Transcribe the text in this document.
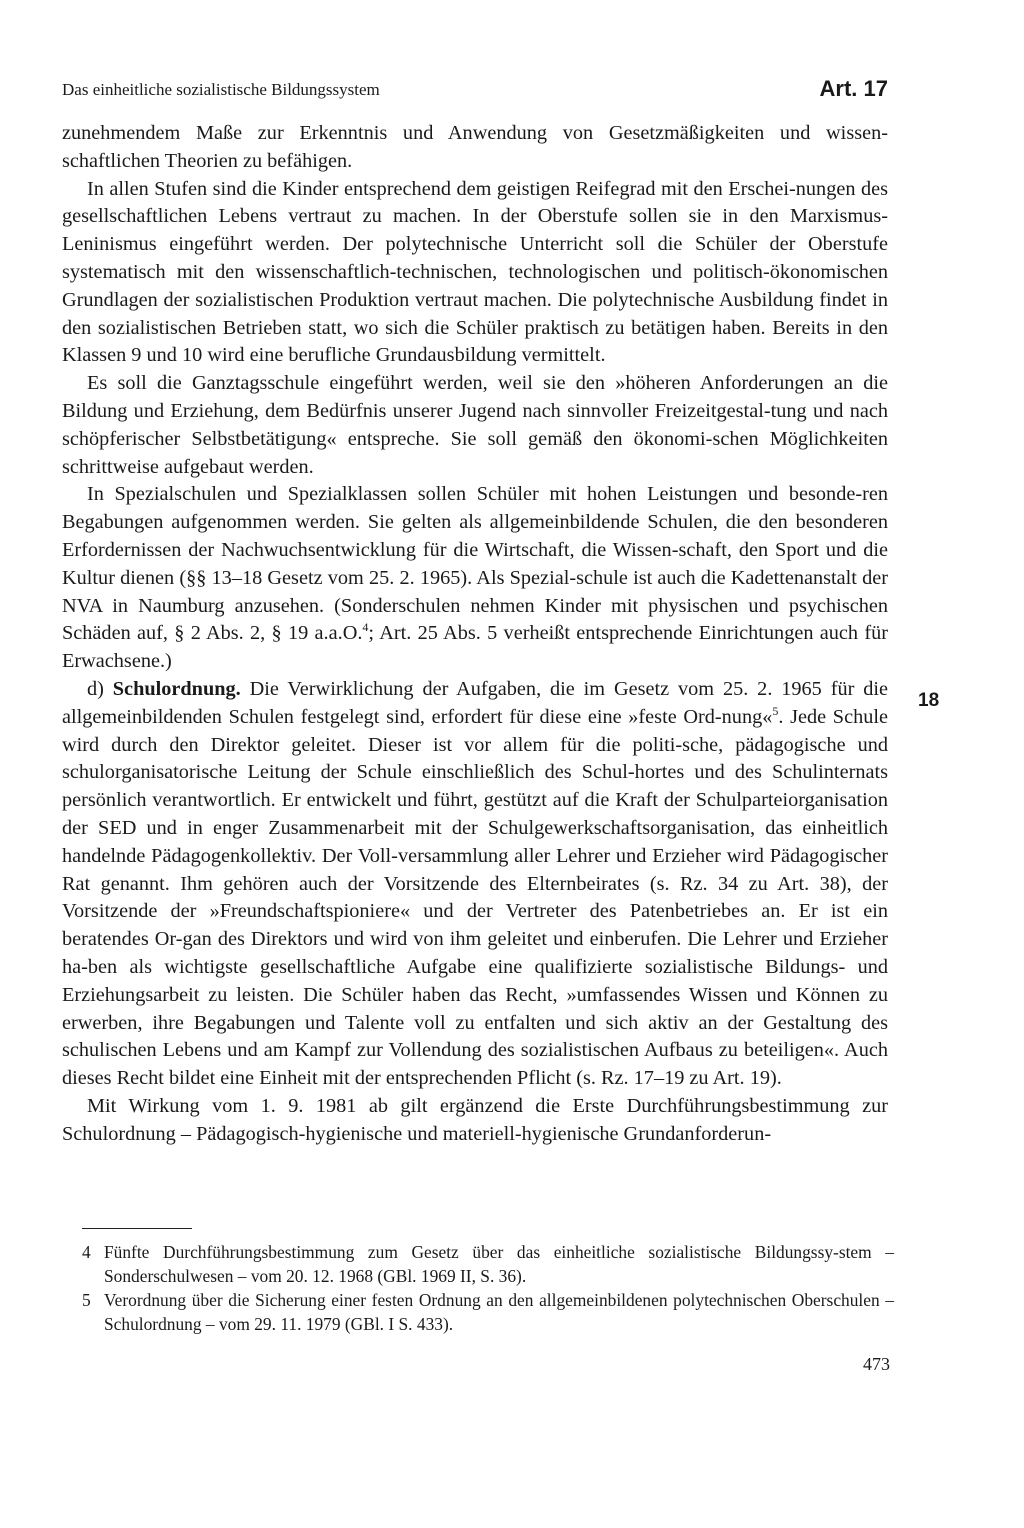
Das einheitliche sozialistische Bildungssystem	Art. 17

zunehmendem Maße zur Erkenntnis und Anwendung von Gesetzmäßigkeiten und wissen-schaftlichen Theorien zu befähigen.

In allen Stufen sind die Kinder entsprechend dem geistigen Reifegrad mit den Erschei-nungen des gesellschaftlichen Lebens vertraut zu machen. In der Oberstufe sollen sie in den Marxismus-Leninismus eingeführt werden. Der polytechnische Unterricht soll die Schüler der Oberstufe systematisch mit den wissenschaftlich-technischen, technologischen und politisch-ökonomischen Grundlagen der sozialistischen Produktion vertraut machen. Die polytechnische Ausbildung findet in den sozialistischen Betrieben statt, wo sich die Schüler praktisch zu betätigen haben. Bereits in den Klassen 9 und 10 wird eine berufliche Grundausbildung vermittelt.

Es soll die Ganztagsschule eingeführt werden, weil sie den »höheren Anforderungen an die Bildung und Erziehung, dem Bedürfnis unserer Jugend nach sinnvoller Freizeitgestal-tung und nach schöpferischer Selbstbetätigung« entspreche. Sie soll gemäß den ökonomi-schen Möglichkeiten schrittweise aufgebaut werden.

In Spezialschulen und Spezialklassen sollen Schüler mit hohen Leistungen und besonde-ren Begabungen aufgenommen werden. Sie gelten als allgemeinbildende Schulen, die den besonderen Erfordernissen der Nachwuchsentwicklung für die Wirtschaft, die Wissen-schaft, den Sport und die Kultur dienen (§§ 13–18 Gesetz vom 25. 2. 1965). Als Spezial-schule ist auch die Kadettenanstalt der NVA in Naumburg anzusehen. (Sonderschulen nehmen Kinder mit physischen und psychischen Schäden auf, § 2 Abs. 2, § 19 a.a.O.$^4$; Art. 25 Abs. 5 verheißt entsprechende Einrichtungen auch für Erwachsene.)

d) Schulordnung. Die Verwirklichung der Aufgaben, die im Gesetz vom 25. 2. 1965 für die allgemeinbildenden Schulen festgelegt sind, erfordert für diese eine »feste Ord-nung«$^5$. Jede Schule wird durch den Direktor geleitet. Dieser ist vor allem für die politi-sche, pädagogische und schulorganisatorische Leitung der Schule einschließlich des Schul-hortes und des Schulinternats persönlich verantwortlich. Er entwickelt und führt, gestützt auf die Kraft der Schulparteiorganisation der SED und in enger Zusammenarbeit mit der Schulgewerkschaftsorganisation, das einheitlich handelnde Pädagogenkollektiv. Der Voll-versammlung aller Lehrer und Erzieher wird Pädagogischer Rat genannt. Ihm gehören auch der Vorsitzende des Elternbeirates (s. Rz. 34 zu Art. 38), der Vorsitzende der »Freundschaftspioniere« und der Vertreter des Patenbetriebes an. Er ist ein beratendes Or-gan des Direktors und wird von ihm geleitet und einberufen. Die Lehrer und Erzieher ha-ben als wichtigste gesellschaftliche Aufgabe eine qualifizierte sozialistische Bildungs- und Erziehungsarbeit zu leisten. Die Schüler haben das Recht, »umfassendes Wissen und Können zu erwerben, ihre Begabungen und Talente voll zu entfalten und sich aktiv an der Gestaltung des schulischen Lebens und am Kampf zur Vollendung des sozialistischen Aufbaus zu beteiligen«. Auch dieses Recht bildet eine Einheit mit der entsprechenden Pflicht (s. Rz. 17–19 zu Art. 19).

Mit Wirkung vom 1. 9. 1981 ab gilt ergänzend die Erste Durchführungsbestimmung zur Schulordnung – Pädagogisch-hygienische und materiell-hygienische Grundanforderun-

18
4 Fünfte Durchführungsbestimmung zum Gesetz über das einheitliche sozialistische Bildungssy-stem – Sonderschulwesen – vom 20. 12. 1968 (GBl. 1969 II, S. 36).
5 Verordnung über die Sicherung einer festen Ordnung an den allgemeinbildenen polytechnischen Oberschulen – Schulordnung – vom 29. 11. 1979 (GBl. I S. 433).
473
